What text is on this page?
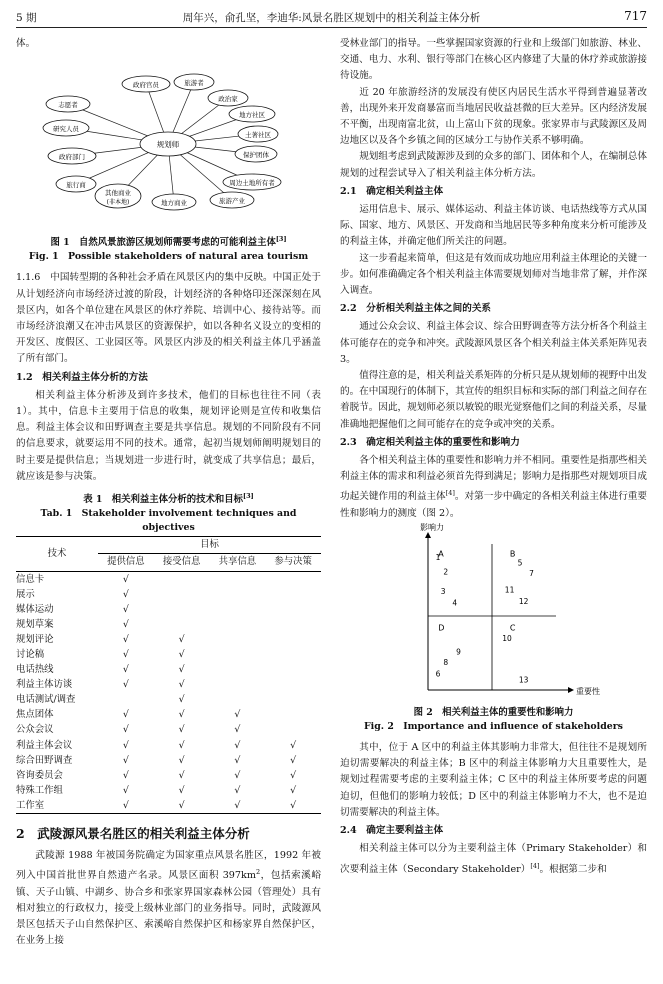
5 期	周年兴，俞孔坚，李迪华:风景名胜区规划中的相关利益主体分析	717

体。

规划师
政府官员	旅游者
志愿者
政治家
研究人员
地方社区
土著社区
政府部门	保护团体
旅行商	周边土地所有者
其他商业
(非本地)	地方商业	旅游产业
图 1　自然风景旅游区规划师需要考虑的可能利益主体[3]
Fig. 1　Possible stakeholders of natural area tourism

1.1.6　中国转型期的各种社会矛盾在风景区内的集中反映。中国正处于从计划经济向市场经济过渡的阶段，计划经济的各种烙印还深深刻在风景区内，如各个单位建在风景区的休疗养院、培训中心、接待站等。而市场经济浪潮又在冲击风景区的资源保护，如以各种名义设立的变相的开发区、度假区、工业园区等。风景区内涉及的相关利益主体几乎涵盖了所有部门。

1.2　相关利益主体分析的方法

相关利益主体分析涉及到许多技术，他们的目标也往往不同（表 1）。其中，信息卡主要用于信息的收集，规划评论则是宣传和收集信息。利益主体会议和田野调查主要是共享信息。规划的不同阶段有不同的信息要求，就要运用不同的技术。通常，起初当规划师阐明规划目的时主要是提供信息；当规划进一步进行时，就变成了共享信息；最后，就应该是参与决策。

表 1　相关利益主体分析的技术和目标[3]
Tab. 1　Stakeholder involvement techniques and objectives
技术	目标			
	提供信息	接受信息	共享信息	参与决策
信息卡	√			
展示	√			
媒体运动	√			
规划草案	√			
规划评论	√	√		
讨论稿	√	√		
电话热线	√	√		
利益主体访谈	√	√		
电话测试/调查		√		
焦点团体	√	√	√	
公众会议	√	√	√	
利益主体会议	√	√	√	√
综合田野调查	√	√	√	√
咨询委员会	√	√	√	√
特殊工作组	√	√	√	√
工作室	√	√	√	√
2　武陵源风景名胜区的相关利益主体分析

武陵源 1988 年被国务院确定为国家重点风景名胜区，1992 年被列入中国首批世界自然遗产名录。风景区面积 $397km^2$，包括索溪峪镇、天子山镇、中湖乡、协合乡和张家界国家森林公园（管理处）具有相对独立的行政权力，接受上级林业部门的业务指导。同时，武陵源风景区包括天子山自然保护区、索溪峪自然保护区和杨家界自然保护区，在业务上接

受林业部门的指导。一些掌握国家资源的行业和上级部门如旅游、林业、交通、电力、水利、银行等部门在核心区内修建了大量的休疗养或旅游接待设施。

近 20 年旅游经济的发展没有使区内居民生活水平得到普遍显著改善，出现外来开发商暴富而当地居民收益甚微的巨大差异。区内经济发展不平衡，出现南富北贫，山上富山下贫的现象。张家界市与武陵源区及周边地区以及各个乡镇之间的区域分工与协作关系不够明确。

规划组考虑到武陵源涉及到的众多的部门、团体和个人，在编制总体规划的过程尝试导入了相关利益主体分析方法。

2.1　确定相关利益主体

运用信息卡、展示、媒体运动、利益主体访谈、电话热线等方式从国际、国家、地方、风景区、开发商和当地居民等多种角度来分析可能涉及的利益主体，并确定他们所关注的问题。

这一步看起来简单，但这是有效而成功地应用利益主体理论的关键一步。如何准确确定各个相关利益主体需要规划师对当地非常了解，并作深入调查。

2.2　分析相关利益主体之间的关系

通过公众会议、利益主体会议、综合田野调查等方法分析各个利益主体可能存在的竞争和冲突。武陵源风景区各个相关利益主体关系矩阵见表 3。

值得注意的是，相关利益关系矩阵的分析只是从规划师的视野中出发的。在中国现行的体制下，其宣传的组织目标和实际的部门利益之间存在着脱节。因此，规划师必须以敏锐的眼光觉察他们之间的利益关系，尽量准确地把握他们之间可能存在的竞争或冲突的关系。

2.3　确定相关利益主体的重要性和影响力

各个相关利益主体的重要性和影响力并不相同。重要性是指那些相关利益主体的需求和利益必须首先得到满足；影响力是指那些对规划项目成功起关键作用的利益主体[4]。对第一步中确定的各相关利益主体进行重要性和影响力的测度（图 2）。

影响力
重要性
A	B
C
D
1
2
3
4
5
7
11
12
10
9
8
6
13
图 2　相关利益主体的重要性和影响力
Fig. 2　Importance and influence of stakeholders

其中，位于 A 区中的利益主体其影响力非常大，但往往不是规划所迫切需要解决的利益主体；B 区中的利益主体影响力大且重要性大，是规划过程需要考虑的主要利益主体；C 区中的利益主体所要考虑的问题迫切，但他们的影响力较低；D 区中的利益主体影响力不大，也不是迫切需要解决的利益主体。

2.4　确定主要利益主体

相关利益主体可以分为主要利益主体（Primary Stakeholder）和次要利益主体（Secondary Stakeholder）[4]。根据第二步和
